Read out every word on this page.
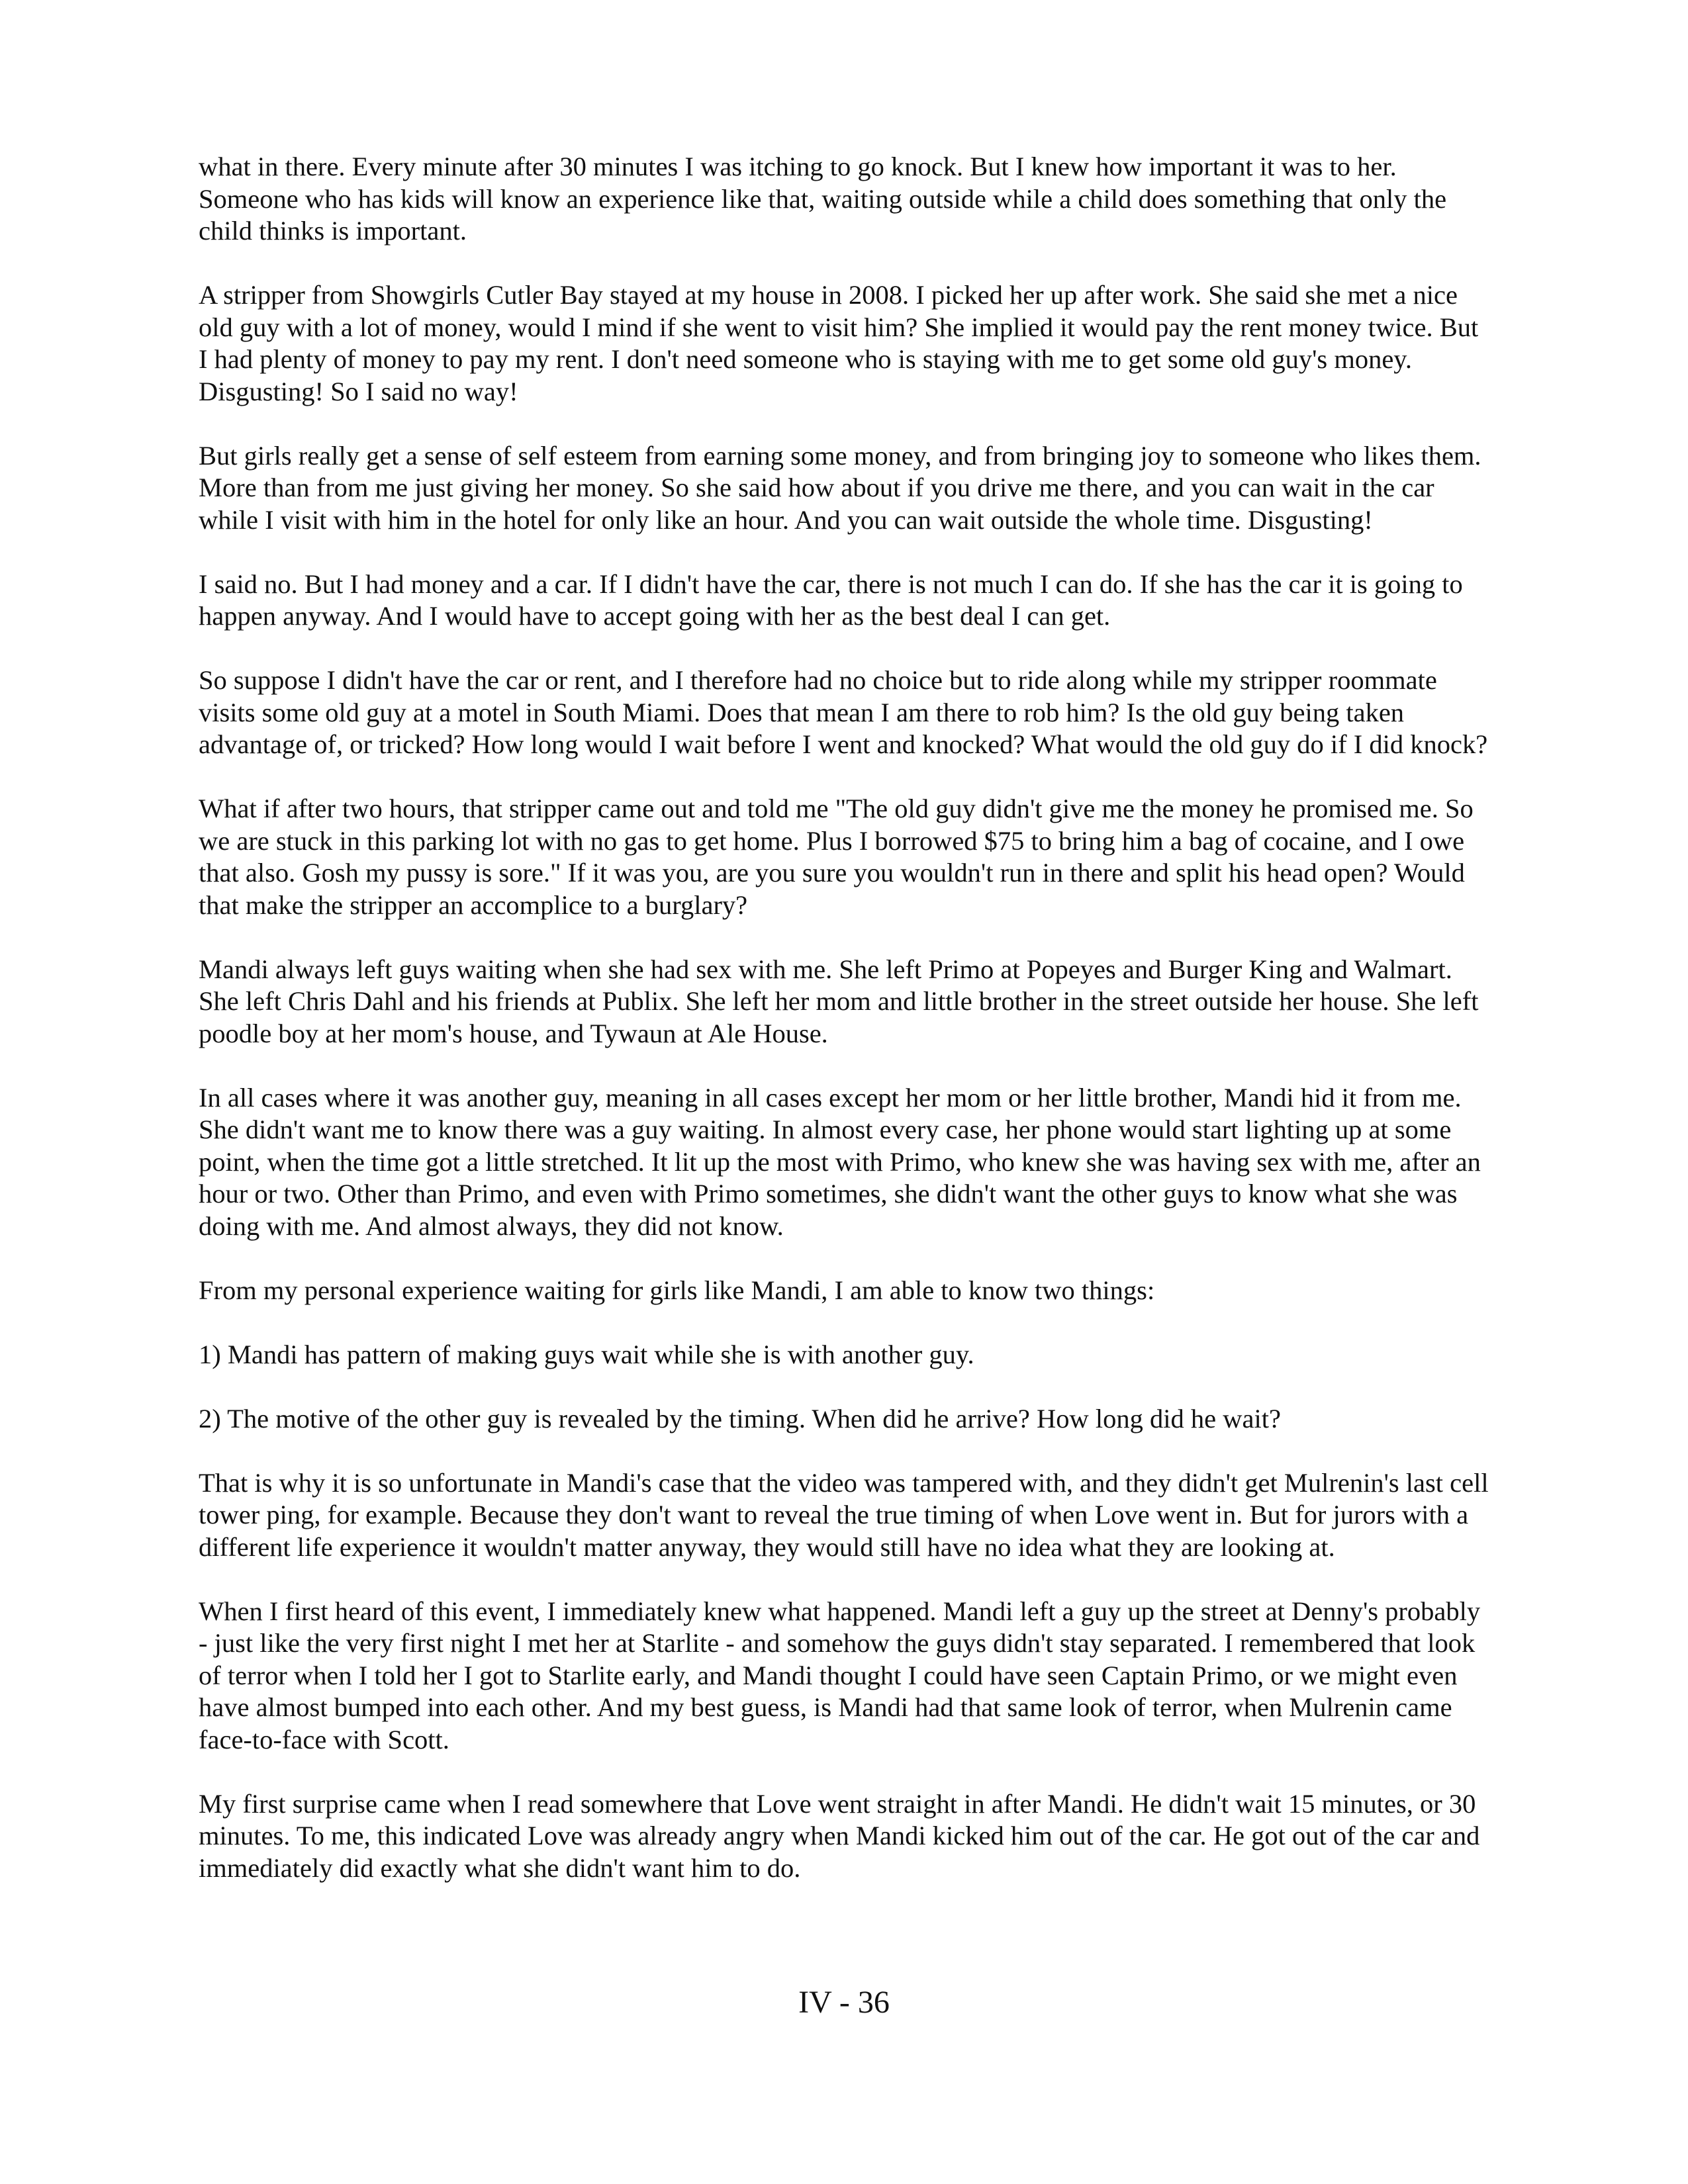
what in there. Every minute after 30 minutes I was itching to go knock. But I knew how important it was to her. Someone who has kids will know an experience like that, waiting outside while a child does something that only the child thinks is important.

A stripper from Showgirls Cutler Bay stayed at my house in 2008. I picked her up after work. She said she met a nice old guy with a lot of money, would I mind if she went to visit him? She implied it would pay the rent money twice. But I had plenty of money to pay my rent. I don't need someone who is staying with me to get some old guy's money. Disgusting! So I said no way!

But girls really get a sense of self esteem from earning some money, and from bringing joy to someone who likes them. More than from me just giving her money. So she said how about if you drive me there, and you can wait in the car while I visit with him in the hotel for only like an hour. And you can wait outside the whole time. Disgusting!

I said no. But I had money and a car. If I didn't have the car, there is not much I can do. If she has the car it is going to happen anyway. And I would have to accept going with her as the best deal I can get.

So suppose I didn't have the car or rent, and I therefore had no choice but to ride along while my stripper roommate visits some old guy at a motel in South Miami. Does that mean I am there to rob him? Is the old guy being taken advantage of, or tricked? How long would I wait before I went and knocked? What would the old guy do if I did knock?

What if after two hours, that stripper came out and told me "The old guy didn't give me the money he promised me. So we are stuck in this parking lot with no gas to get home. Plus I borrowed $75 to bring him a bag of cocaine, and I owe that also. Gosh my pussy is sore." If it was you, are you sure you wouldn't run in there and split his head open? Would that make the stripper an accomplice to a burglary?

Mandi always left guys waiting when she had sex with me. She left Primo at Popeyes and Burger King and Walmart. She left Chris Dahl and his friends at Publix. She left her mom and little brother in the street outside her house. She left poodle boy at her mom's house, and Tywaun at Ale House.

In all cases where it was another guy, meaning in all cases except her mom or her little brother, Mandi hid it from me. She didn't want me to know there was a guy waiting. In almost every case, her phone would start lighting up at some point, when the time got a little stretched. It lit up the most with Primo, who knew she was having sex with me, after an hour or two. Other than Primo, and even with Primo sometimes, she didn't want the other guys to know what she was doing with me. And almost always, they did not know.

From my personal experience waiting for girls like Mandi, I am able to know two things:

1) Mandi has pattern of making guys wait while she is with another guy.

2) The motive of the other guy is revealed by the timing. When did he arrive? How long did he wait?

That is why it is so unfortunate in Mandi's case that the video was tampered with, and they didn't get Mulrenin's last cell tower ping, for example. Because they don't want to reveal the true timing of when Love went in. But for jurors with a different life experience it wouldn't matter anyway, they would still have no idea what they are looking at.

When I first heard of this event, I immediately knew what happened. Mandi left a guy up the street at Denny's probably - just like the very first night I met her at Starlite - and somehow the guys didn't stay separated. I remembered that look of terror when I told her I got to Starlite early, and Mandi thought I could have seen Captain Primo, or we might even have almost bumped into each other. And my best guess, is Mandi had that same look of terror, when Mulrenin came face-to-face with Scott.

My first surprise came when I read somewhere that Love went straight in after Mandi. He didn't wait 15 minutes, or 30 minutes. To me, this indicated Love was already angry when Mandi kicked him out of the car. He got out of the car and immediately did exactly what she didn't want him to do.

IV - 36
